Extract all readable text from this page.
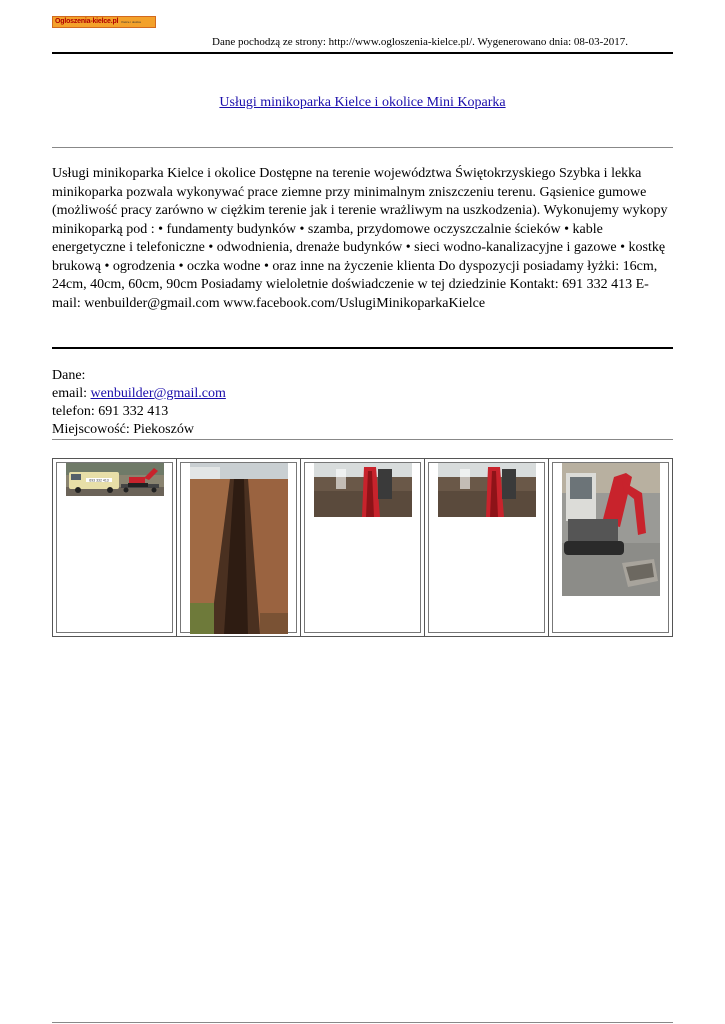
Ogloszenia-kielce.pl Kielce i okolice
Dane pochodzą ze strony: http://www.ogloszenia-kielce.pl/. Wygenerowano dnia: 08-03-2017.
Usługi minikoparka Kielce i okolice Mini Koparka

Usługi minikoparka Kielce i okolice Dostępne na terenie województwa Świętokrzyskiego Szybka i lekka minikoparka pozwala wykonywać prace ziemne przy minimalnym zniszczeniu terenu. Gąsienice gumowe (możliwość pracy zarówno w ciężkim terenie jak i terenie wrażliwym na uszkodzenia). Wykonujemy wykopy minikoparką pod : • fundamenty budynków • szamba, przydomowe oczyszczalnie ścieków • kable energetyczne i telefoniczne • odwodnienia, drenaże budynków • sieci wodno-kanalizacyjne i gazowe • kostkę brukową • ogrodzenia • oczka wodne • oraz inne na życzenie klienta Do dyspozycji posiadamy łyżki: 16cm, 24cm, 40cm, 60cm, 90cm Posiadamy wieloletnie doświadczenie w tej dziedzinie Kontakt: 691 332 413 E-mail: wenbuilder@gmail.com www.facebook.com/UslugiMinikoparkaKielce

Dane:
email: wenbuilder@gmail.com
telefon: 691 332 413
Miejscowość: Piekoszów
693 332 413
